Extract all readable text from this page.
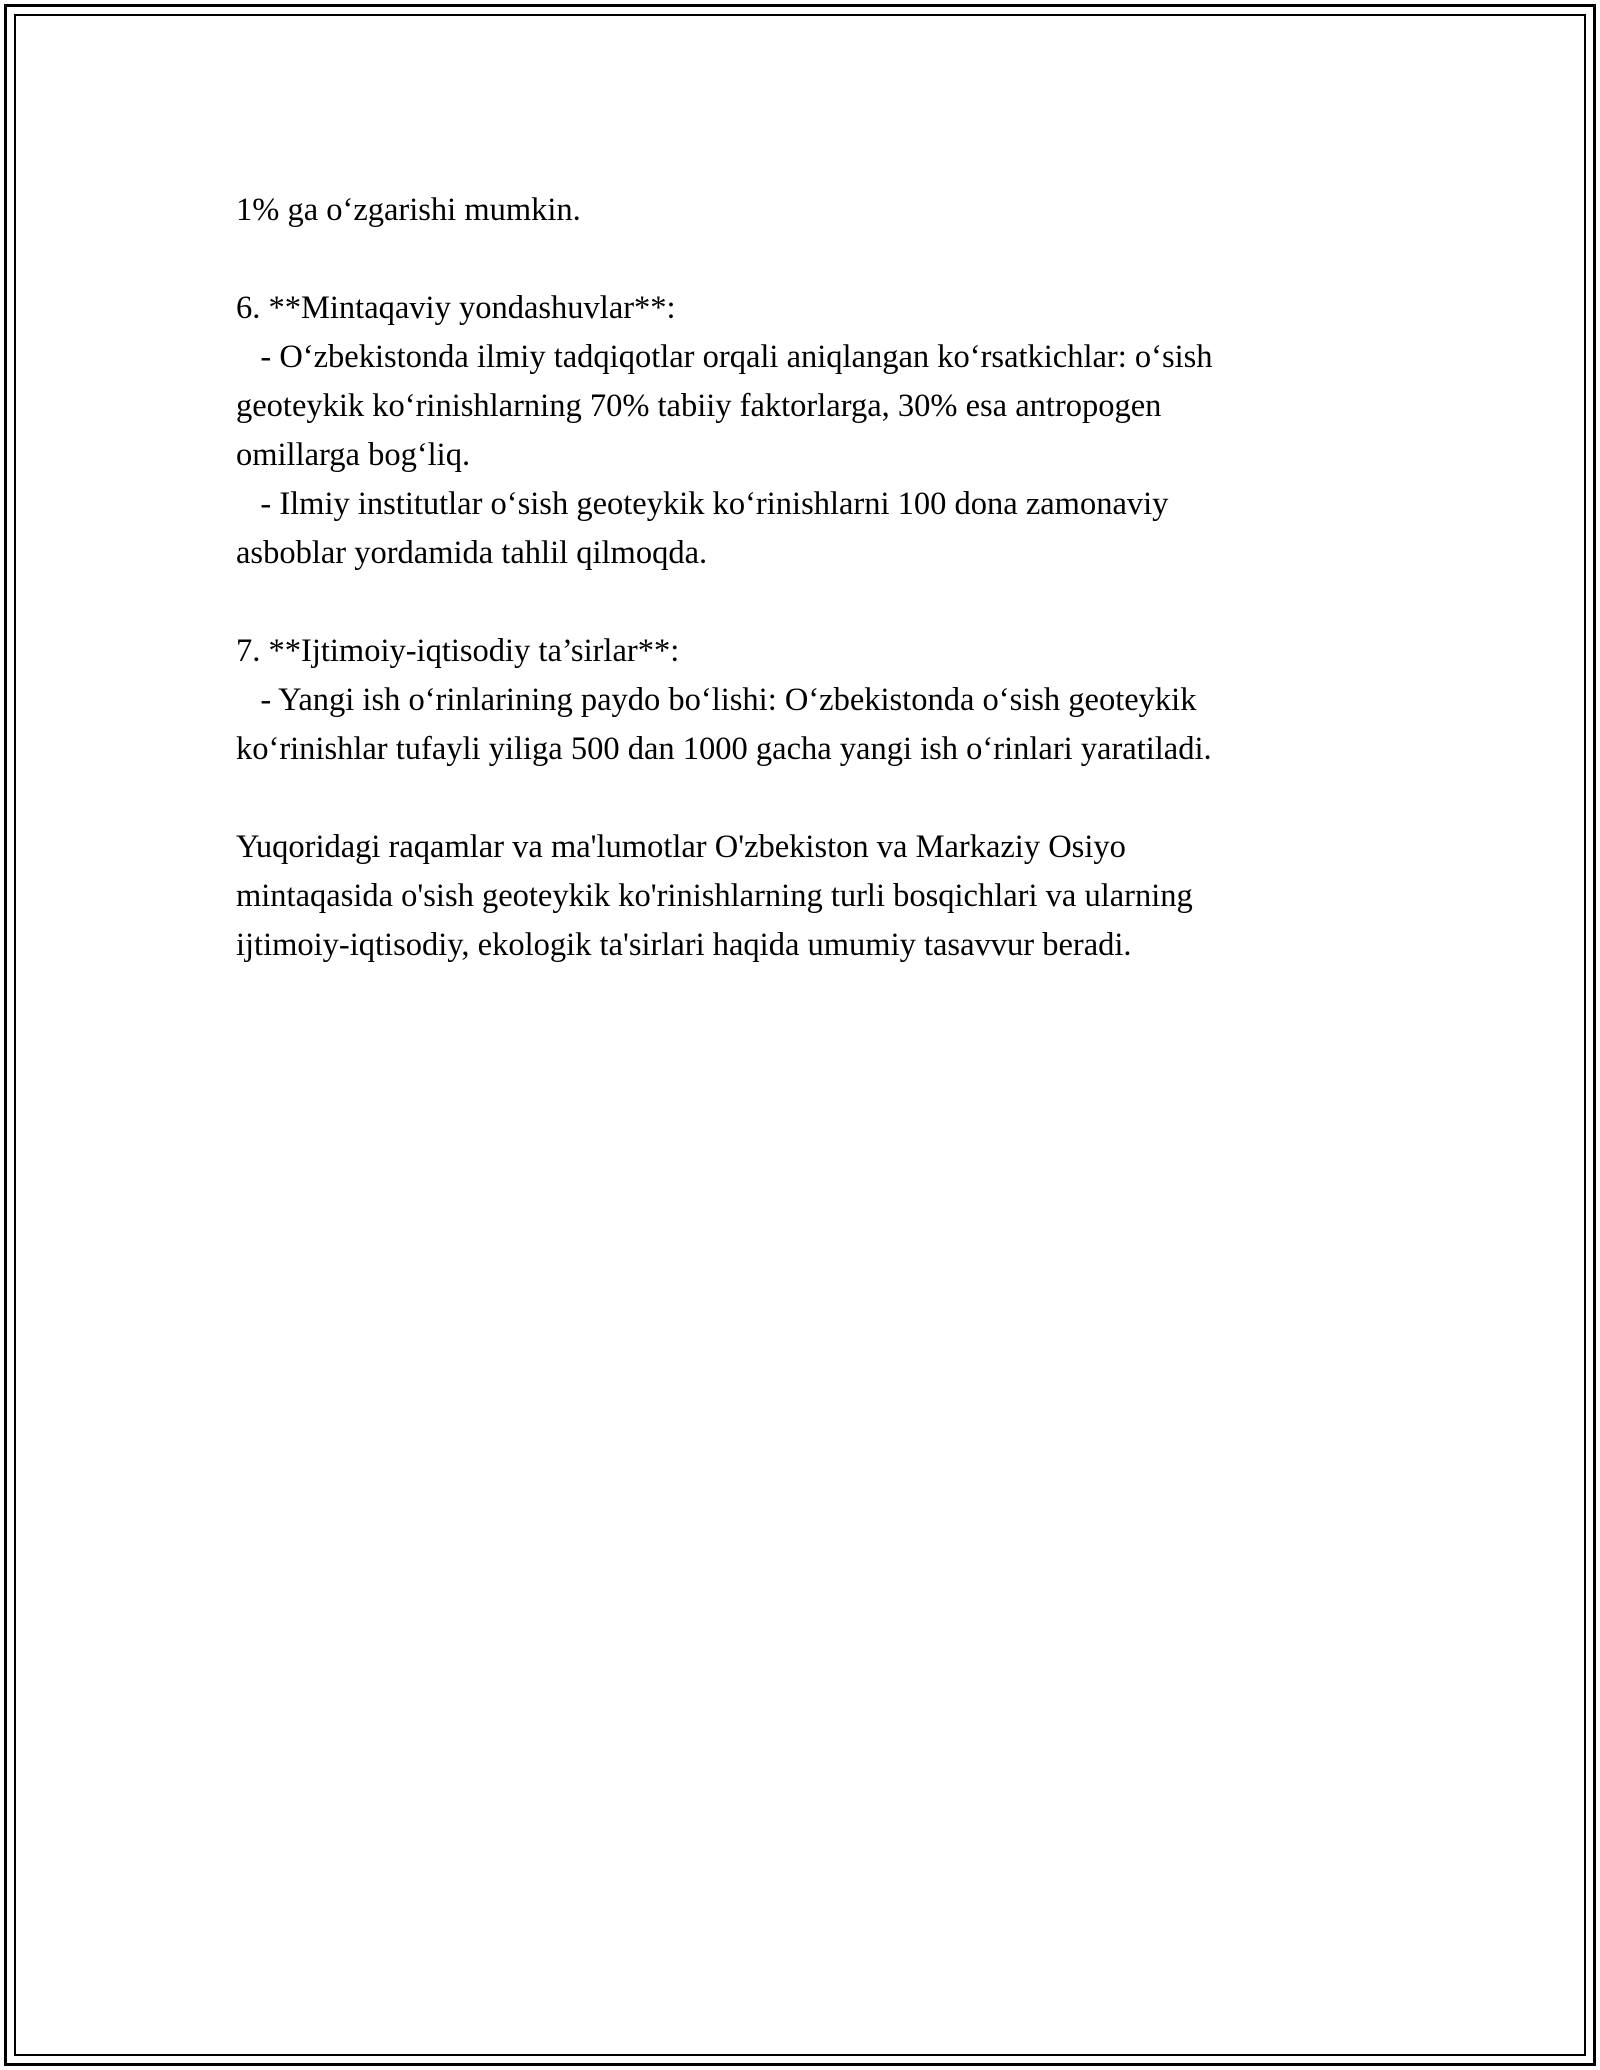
1% ga o‘zgarishi mumkin.
6. **Mintaqaviy yondashuvlar**:
- O‘zbekistonda ilmiy tadqiqotlar orqali aniqlangan ko‘rsatkichlar: o‘sish
geoteykik ko‘rinishlarning 70% tabiiy faktorlarga, 30% esa antropogen
omillarga bog‘liq.
- Ilmiy institutlar o‘sish geoteykik ko‘rinishlarni 100 dona zamonaviy
asboblar yordamida tahlil qilmoqda.
7. **Ijtimoiy-iqtisodiy ta’sirlar**:
- Yangi ish o‘rinlarining paydo bo‘lishi: O‘zbekistonda o‘sish geoteykik
ko‘rinishlar tufayli yiliga 500 dan 1000 gacha yangi ish o‘rinlari yaratiladi.
Yuqoridagi raqamlar va ma'lumotlar O'zbekiston va Markaziy Osiyo
mintaqasida o'sish geoteykik ko'rinishlarning turli bosqichlari va ularning
ijtimoiy-iqtisodiy, ekologik ta'sirlari haqida umumiy tasavvur beradi.
